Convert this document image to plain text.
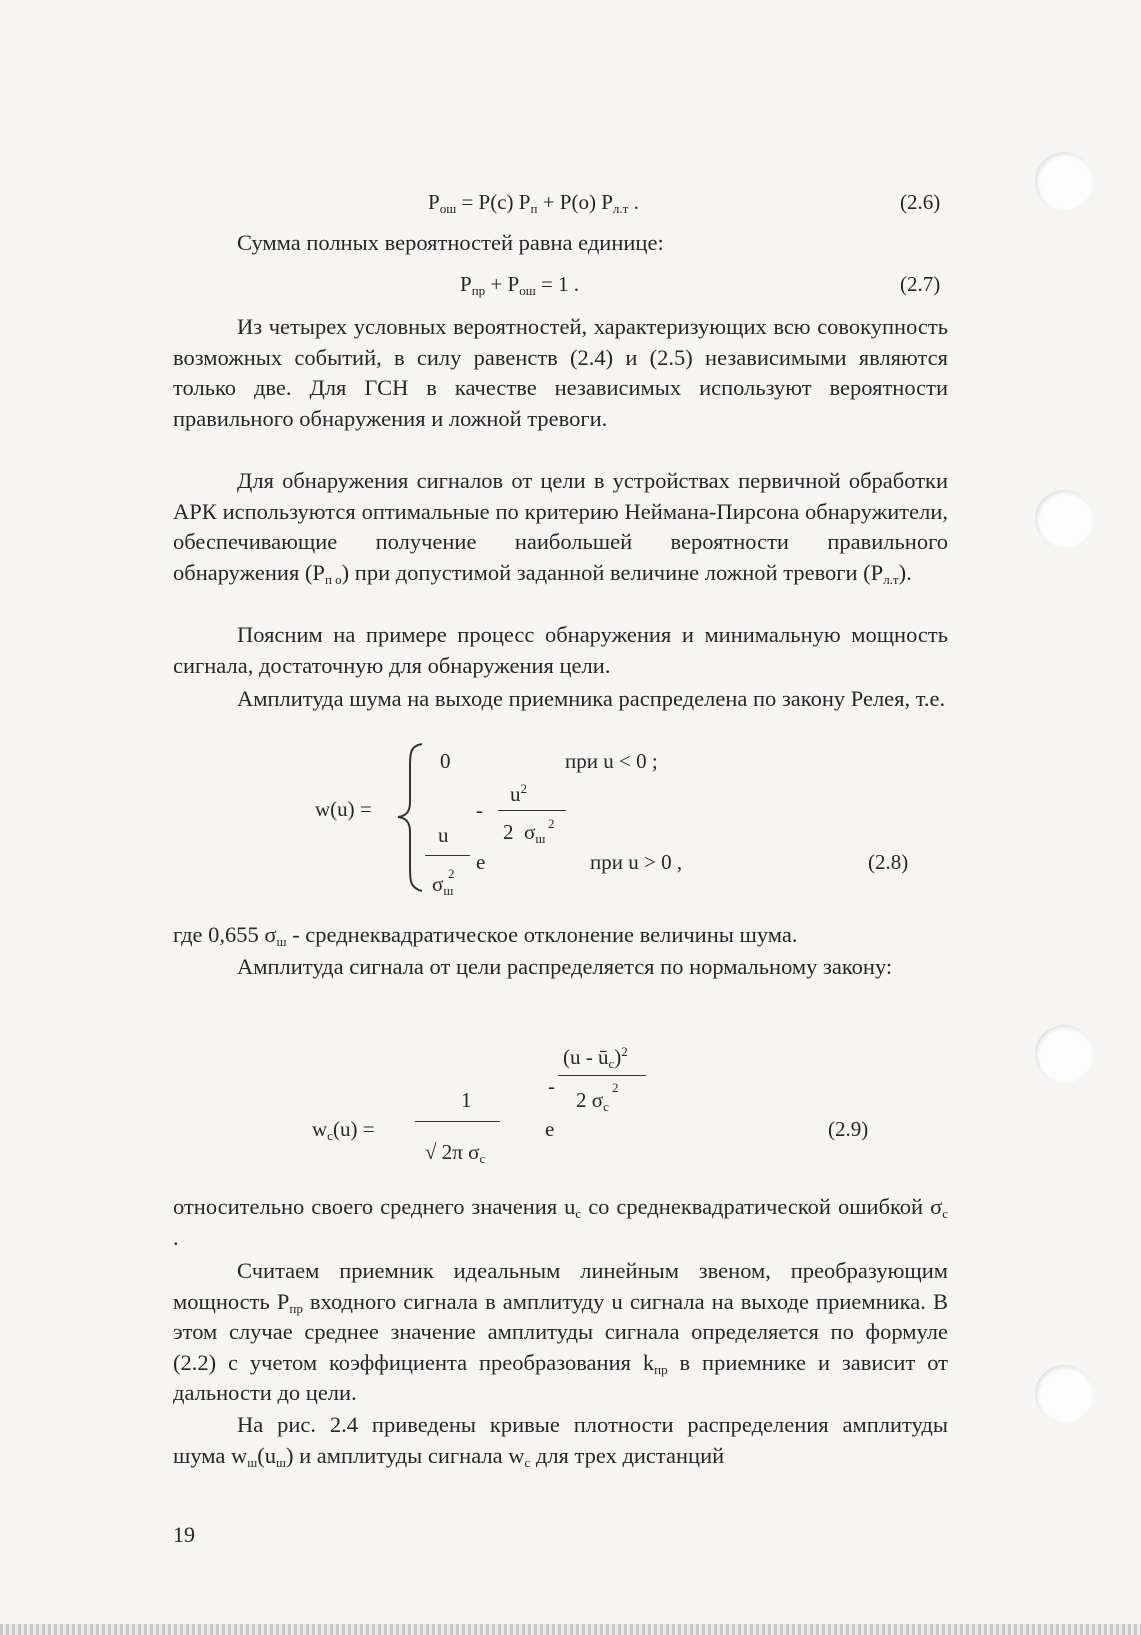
$P_{ош} = P(c) P_п + P(o)$ $P_{л.т}$ .	(2.6)
Сумма полных вероятностей равна единице:
$P_{пр} + P_{ош} = 1$ .	(2.7)
Из четырех условных вероятностей, характеризующих всю совокупность возможных событий, в силу равенств (2.4) и (2.5) независимыми являются только две. Для ГСН в качестве независимых используют вероятности правильного обнаружения и ложной тревоги.
Для обнаружения сигналов от цели в устройствах первичной обработки АРК используются оптимальные по критерию Неймана-Пирсона обнаружители, обеспечивающие получение наибольшей вероятности правильного обнаружения $(P_{п о})$ при допустимой заданной величине ложной тревоги $(P_{л.т})$.
Поясним на примере процесс обнаружения и минимальную мощность сигнала, достаточную для обнаружения цели.
Амплитуда шума на выходе приемника распределена по закону Релея, т.е.
w(u) =
0	при u < 0 ;
-
$u^2$
2  $\sigma_ш$
2
u
$\sigma_ш$
2 e	при u > 0 ,	(2.8)
где 0,655 $\sigma_ш$ - среднеквадратическое отклонение величины шума.
Амплитуда сигнала от цели распределяется по нормальному закону:
$w_c(u)$ =
1
√ 2π $\sigma_с$
e
-
$(u - ū_с)^2$
2 $\sigma_с$
2
(2.9)
относительно своего среднего значения $u_с$ со среднеквадратической ошибкой $\sigma_с$ .
Считаем приемник идеальным линейным звеном, преобразующим мощность $P_{пр}$ входного сигнала в амплитуду u сигнала на выходе приемника. В этом случае среднее значение амплитуды сигнала определяется по формуле (2.2) с учетом коэффициента преобразования $k_{пр}$ в приемнике и зависит от дальности до цели.
На рис. 2.4 приведены кривые плотности распределения амплитуды шума $w_ш(u_ш)$ и амплитуды сигнала $w_с$ для трех дистанций
19
